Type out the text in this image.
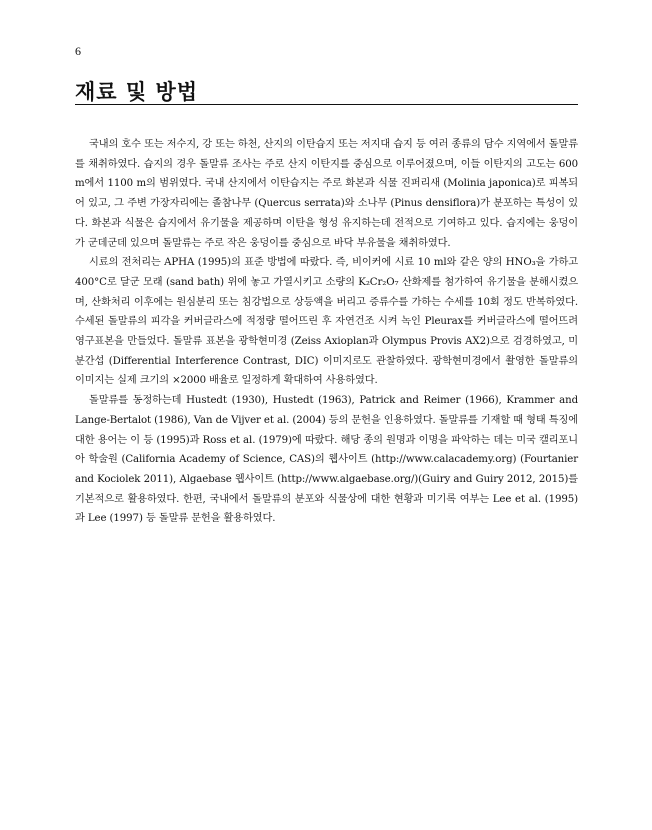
6
재료 및 방법

국내의 호수 또는 저수지, 강 또는 하천, 산지의 이탄습지 또는 저지대 습지 등 여러 종류의 담수 지역에서 돌말류를 채취하였다. 습지의 경우 돌말류 조사는 주로 산지 이탄지를 중심으로 이루어졌으며, 이들 이탄지의 고도는 600 m에서 1100 m의 범위였다. 국내 산지에서 이탄습지는 주로 화본과 식물 진퍼리새 (Molinia japonica)로 피복되어 있고, 그 주변 가장자리에는 졸참나무 (Quercus serrata)와 소나무 (Pinus densiflora)가 분포하는 특성이 있다. 화본과 식물은 습지에서 유기물을 제공하며 이탄을 형성 유지하는데 전적으로 기여하고 있다. 습지에는 웅덩이가 군데군데 있으며 돌말류는 주로 작은 웅덩이를 중심으로 바닥 부유물을 채취하였다.

시료의 전처리는 APHA (1995)의 표준 방법에 따랐다. 즉, 비이커에 시료 10 ml와 같은 양의 HNO₃을 가하고 400°C로 달군 모래 (sand bath) 위에 놓고 가열시키고 소량의 K₂Cr₂O₇ 산화제를 첨가하여 유기물을 분해시켰으며, 산화처리 이후에는 원심분리 또는 침강법으로 상등액을 버리고 증류수를 가하는 수세를 10회 정도 반복하였다. 수세된 돌말류의 피각을 커버글라스에 적정량 떨어뜨린 후 자연건조 시켜 녹인 Pleurax를 커버글라스에 떨어뜨려 영구표본을 만들었다. 돌말류 표본을 광학현미경 (Zeiss Axioplan과 Olympus Provis AX2)으로 검경하였고, 미분간섭 (Differential Interference Contrast, DIC) 이미지로도 관찰하였다. 광학현미경에서 촬영한 돌말류의 이미지는 실제 크기의 ×2000 배율로 일정하게 확대하여 사용하였다.

돌말류를 동정하는데 Hustedt (1930), Hustedt (1963), Patrick and Reimer (1966), Krammer and Lange-Bertalot (1986), Van de Vijver et al. (2004) 등의 문헌을 인용하였다. 돌말류를 기재할 때 형태 특징에 대한 용어는 이 등 (1995)과 Ross et al. (1979)에 따랐다. 해당 종의 원명과 이명을 파악하는 데는 미국 캘리포니아 학술원 (California Academy of Science, CAS)의 웹사이트 (http://www.calacademy.org) (Fourtanier and Kociolek 2011), Algaebase 웹사이트 (http://www.algaebase.org/)(Guiry and Guiry 2012, 2015)를 기본적으로 활용하였다. 한편, 국내에서 돌말류의 분포와 식물상에 대한 현황과 미기록 여부는 Lee et al. (1995)과 Lee (1997) 등 돌말류 문헌을 활용하였다.
